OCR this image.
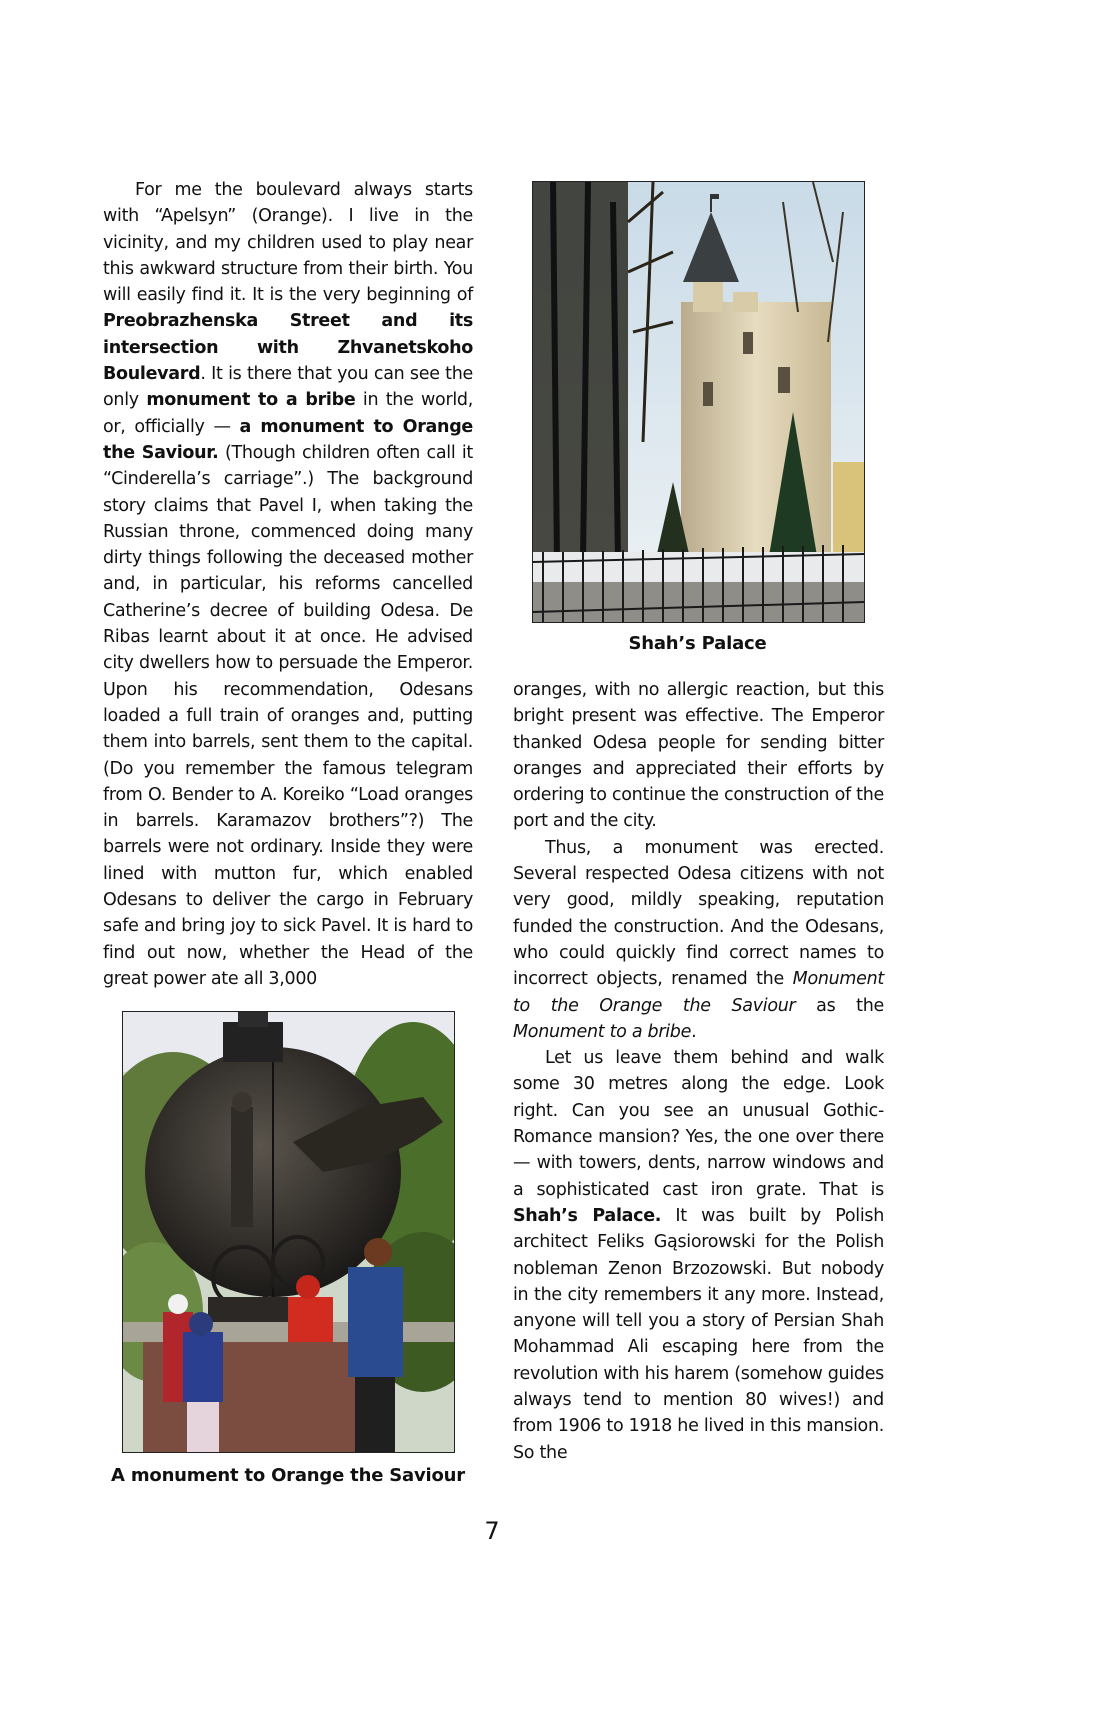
For me the boulevard always starts with “Apelsyn” (Orange). I live in the vicinity, and my children used to play near this awkward structure from their birth. You will easily find it. It is the very beginning of Preobrazhenska Street and its intersection with Zhvanetskoho Boulevard. It is there that you can see the only monument to a bribe in the world, or, officially — a monument to Orange the Saviour. (Though children often call it “Cinderella’s carriage”.) The background story claims that Pavel I, when taking the Russian throne, commenced doing many dirty things following the deceased mother and, in particular, his reforms cancelled Catherine’s decree of building Odesa. De Ribas learnt about it at once. He advised city dwellers how to persuade the Emperor. Upon his recommendation, Odesans loaded a full train of oranges and, putting them into barrels, sent them to the capital. (Do you remember the famous telegram from O. Bender to A. Koreiko “Load oranges in barrels. Karamazov brothers”?) The barrels were not ordinary. Inside they were lined with mutton fur, which enabled Odesans to deliver the cargo in February safe and bring joy to sick Pavel. It is hard to find out now, whether the Head of the great power ate all 3,000

Shah’s Palace

oranges, with no allergic reaction, but this bright present was effective. The Emperor thanked Odesa people for sending bitter oranges and appreciated their efforts by ordering to continue the construction of the port and the city.

Thus, a monument was erected. Several respected Odesa citizens with not very good, mildly speaking, reputation funded the construction. And the Odesans, who could quickly find correct names to incorrect objects, renamed the Monument to the Orange the Saviour as the Monument to a bribe.

Let us leave them behind and walk some 30 metres along the edge. Look right. Can you see an unusual Gothic-Romance mansion? Yes, the one over there — with towers, dents, narrow windows and a sophisticated cast iron grate. That is Shah’s Palace. It was built by Polish architect Feliks Gąsiorowski for the Polish nobleman Zenon Brzozowski. But nobody in the city remembers it any more. Instead, anyone will tell you a story of Persian Shah Mohammad Ali escaping here from the revolution with his harem (somehow guides always tend to mention 80 wives!) and from 1906 to 1918 he lived in this mansion. So the

A monument to Orange the Saviour
7
